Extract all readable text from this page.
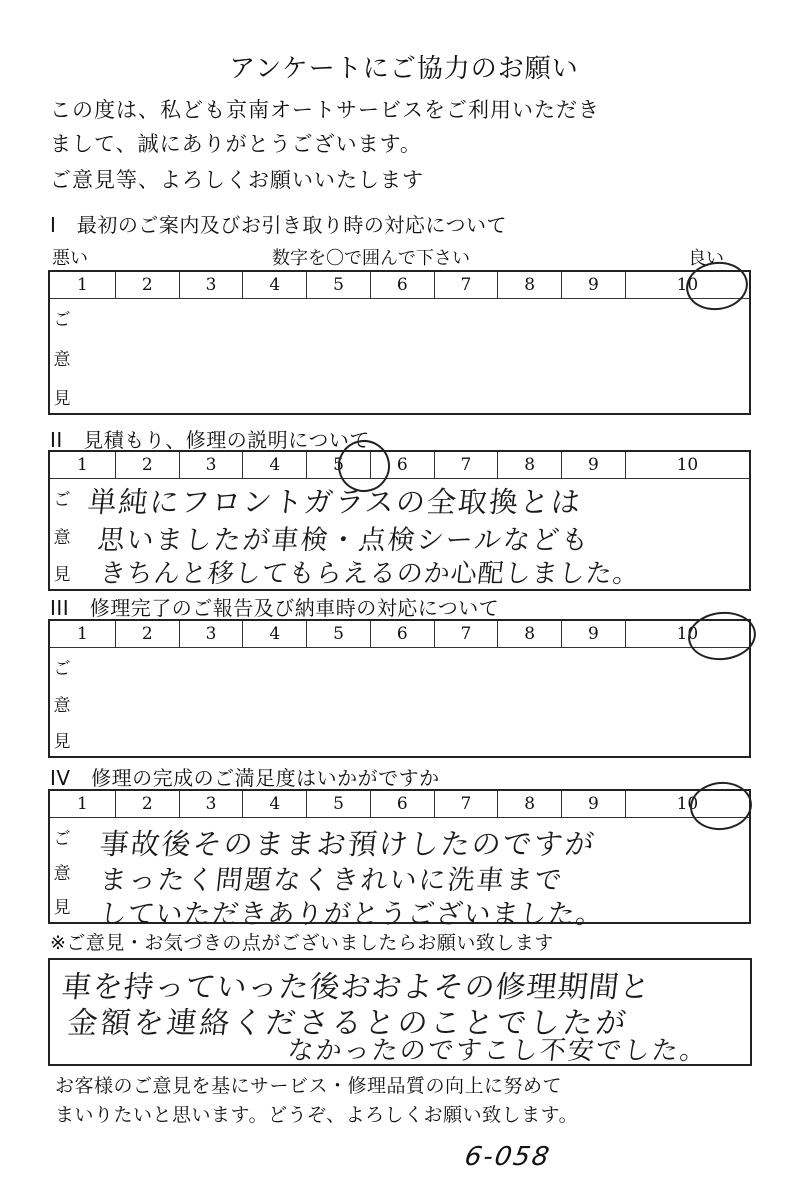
アンケートにご協力のお願い
この度は、私ども京南オートサービスをご利用いただき
まして、誠にありがとうございます。
ご意見等、よろしくお願いいたします
I　最初のご案内及びお引き取り時の対応について
悪い	数字を〇で囲んで下さい	良い
1	2	3	4	5	6	7	8	9	10

ご
意
見
II　見積もり、修理の説明について
1	2	3	4	5	6	7	8	9	10

ご
意
見
単純にフロントガラスの全取換とは
思いましたが車検・点検シールなども
きちんと移してもらえるのか心配しました。
III　修理完了のご報告及び納車時の対応について
1	2	3	4	5	6	7	8	9	10

ご
意
見
IV　修理の完成のご満足度はいかがですか
1	2	3	4	5	6	7	8	9	10

ご
意
見
事故後そのままお預けしたのですが
まったく問題なくきれいに洗車まで
していただきありがとうございました。
※ご意見・お気づきの点がございましたらお願い致します
車を持っていった後おおよその修理期間と
金額を連絡くださるとのことでしたが
なかったのですこし不安でした。
お客様のご意見を基にサービス・修理品質の向上に努めて
まいりたいと思います。どうぞ、よろしくお願い致します。
6-058
